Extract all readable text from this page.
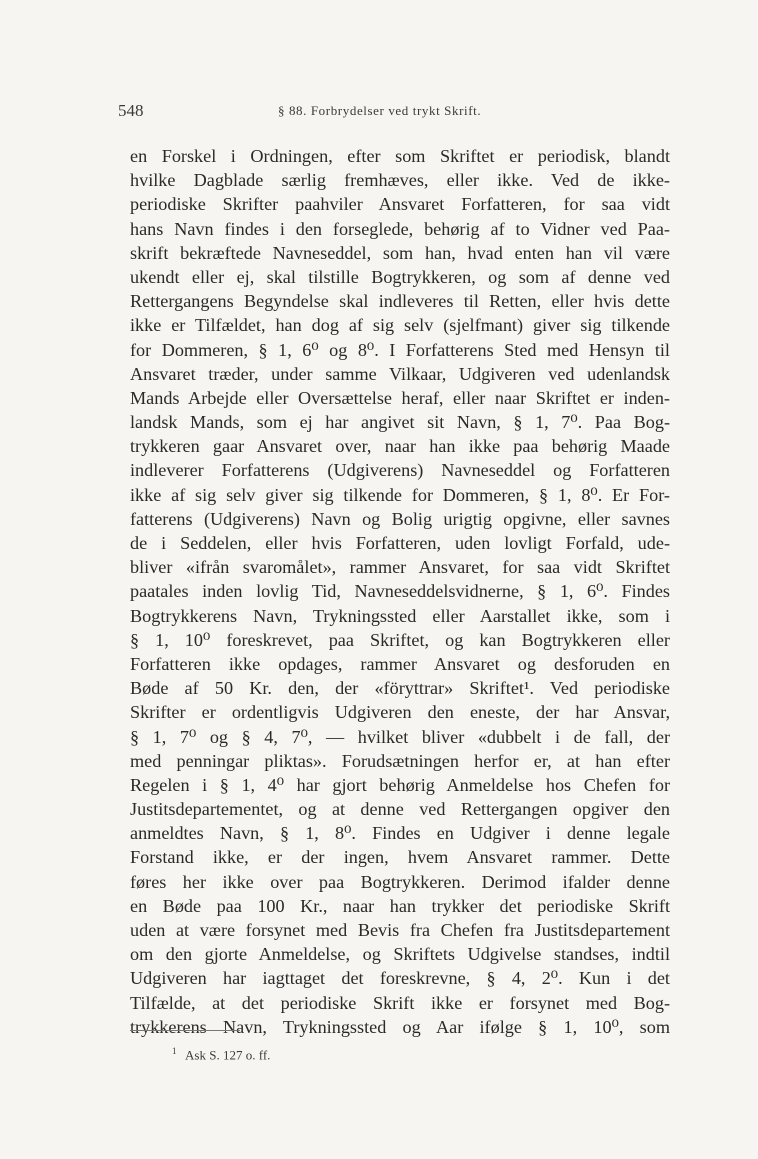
548	§ 88. Forbrydelser ved trykt Skrift.
en Forskel i Ordningen, efter som Skriftet er periodisk, blandt
hvilke Dagblade særlig fremhæves, eller ikke. Ved de ikke-
periodiske Skrifter paahviler Ansvaret Forfatteren, for saa vidt
hans Navn findes i den forseglede, behørig af to Vidner ved Paa-
skrift bekræftede Navneseddel, som han, hvad enten han vil være
ukendt eller ej, skal tilstille Bogtrykkeren, og som af denne ved
Rettergangens Begyndelse skal indleveres til Retten, eller hvis dette
ikke er Tilfældet, han dog af sig selv (sjelfmant) giver sig tilkende
for Dommeren, § 1, 6⁰ og 8⁰. I Forfatterens Sted med Hensyn til
Ansvaret træder, under samme Vilkaar, Udgiveren ved udenlandsk
Mands Arbejde eller Oversættelse heraf, eller naar Skriftet er inden-
landsk Mands, som ej har angivet sit Navn, § 1, 7⁰. Paa Bog-
trykkeren gaar Ansvaret over, naar han ikke paa behørig Maade
indleverer Forfatterens (Udgiverens) Navneseddel og Forfatteren
ikke af sig selv giver sig tilkende for Dommeren, § 1, 8⁰. Er For-
fatterens (Udgiverens) Navn og Bolig urigtig opgivne, eller savnes
de i Seddelen, eller hvis Forfatteren, uden lovligt Forfald, ude-
bliver «ifrån svaromålet», rammer Ansvaret, for saa vidt Skriftet
paatales inden lovlig Tid, Navneseddelsvidnerne, § 1, 6⁰. Findes
Bogtrykkerens Navn, Trykningssted eller Aarstallet ikke, som i
§ 1, 10⁰ foreskrevet, paa Skriftet, og kan Bogtrykkeren eller
Forfatteren ikke opdages, rammer Ansvaret og desforuden en
Bøde af 50 Kr. den, der «föryttrar» Skriftet¹. Ved periodiske
Skrifter er ordentligvis Udgiveren den eneste, der har Ansvar,
§ 1, 7⁰ og § 4, 7⁰, — hvilket bliver «dubbelt i de fall, der
med penningar pliktas». Forudsætningen herfor er, at han efter
Regelen i § 1, 4⁰ har gjort behørig Anmeldelse hos Chefen for
Justitsdepartementet, og at denne ved Rettergangen opgiver den
anmeldtes Navn, § 1, 8⁰. Findes en Udgiver i denne legale
Forstand ikke, er der ingen, hvem Ansvaret rammer. Dette
føres her ikke over paa Bogtrykkeren. Derimod ifalder denne
en Bøde paa 100 Kr., naar han trykker det periodiske Skrift
uden at være forsynet med Bevis fra Chefen fra Justitsdepartement
om den gjorte Anmeldelse, og Skriftets Udgivelse standses, indtil
Udgiveren har iagttaget det foreskrevne, § 4, 2⁰. Kun i det
Tilfælde, at det periodiske Skrift ikke er forsynet med Bog-
trykkerens Navn, Trykningssted og Aar ifølge § 1, 10⁰, som
$^1$ Ask S. 127 o. ff.
